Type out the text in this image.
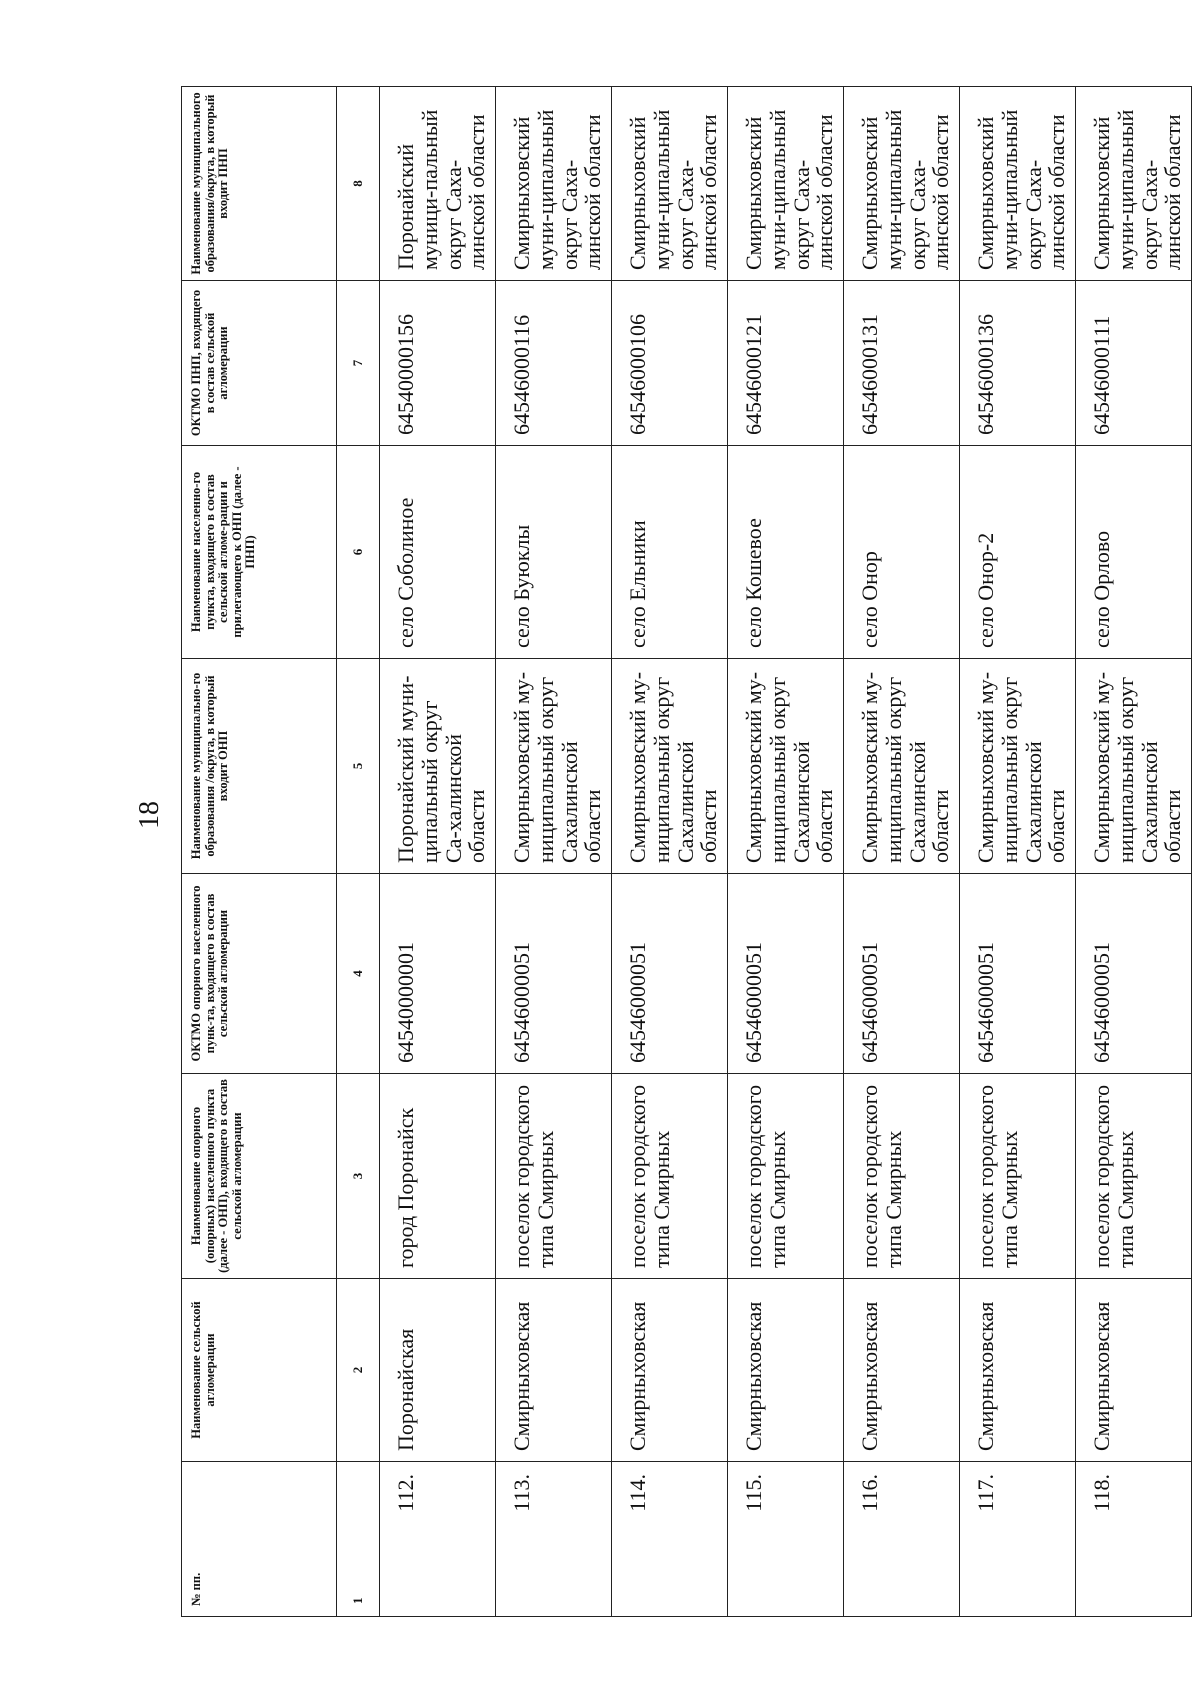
18
№ пп.	Наименование сельской агломерации	Наименование опорного (опорных) населенного пункта (далее - ОНП), входящего в состав сельской агломерации	ОКТМО опорного населенного пунк-та, входящего в состав сельской агломерации	Наименование муниципально-го образования /округа, в который входит ОНП	Наименование населенно-го пункта, входящего в состав сельской агломе-рации и прилегающего к ОНП (далее - ПНП)	ОКТМО ПНП, входящего в состав сельской агломерации	Наименование муниципального образования/округа, в который входит ПНП
1	2	3	4	5	6	7	8
112.	Поронайская	город Поронайск	64540000001	Поронайский муни-ципальный округ Са-халинской области	село Соболиное	64540000156	Поронайский муници-пальный округ Саха-линской области
113.	Смирныховская	поселок городского типа Смирных	64546000051	Смирныховский му-ниципальный округ Сахалинской области	село Буюклы	64546000116	Смирныховский муни-ципальный округ Саха-линской области
114.	Смирныховская	поселок городского типа Смирных	64546000051	Смирныховский му-ниципальный округ Сахалинской области	село Ельники	64546000106	Смирныховский муни-ципальный округ Саха-линской области
115.	Смирныховская	поселок городского типа Смирных	64546000051	Смирныховский му-ниципальный округ Сахалинской области	село Кошевое	64546000121	Смирныховский муни-ципальный округ Саха-линской области
116.	Смирныховская	поселок городского типа Смирных	64546000051	Смирныховский му-ниципальный округ Сахалинской области	село Онор	64546000131	Смирныховский муни-ципальный округ Саха-линской области
117.	Смирныховская	поселок городского типа Смирных	64546000051	Смирныховский му-ниципальный округ Сахалинской области	село Онор-2	64546000136	Смирныховский муни-ципальный округ Саха-линской области
118.	Смирныховская	поселок городского типа Смирных	64546000051	Смирныховский му-ниципальный округ Сахалинской области	село Орлово	64546000111	Смирныховский муни-ципальный округ Саха-линской области
